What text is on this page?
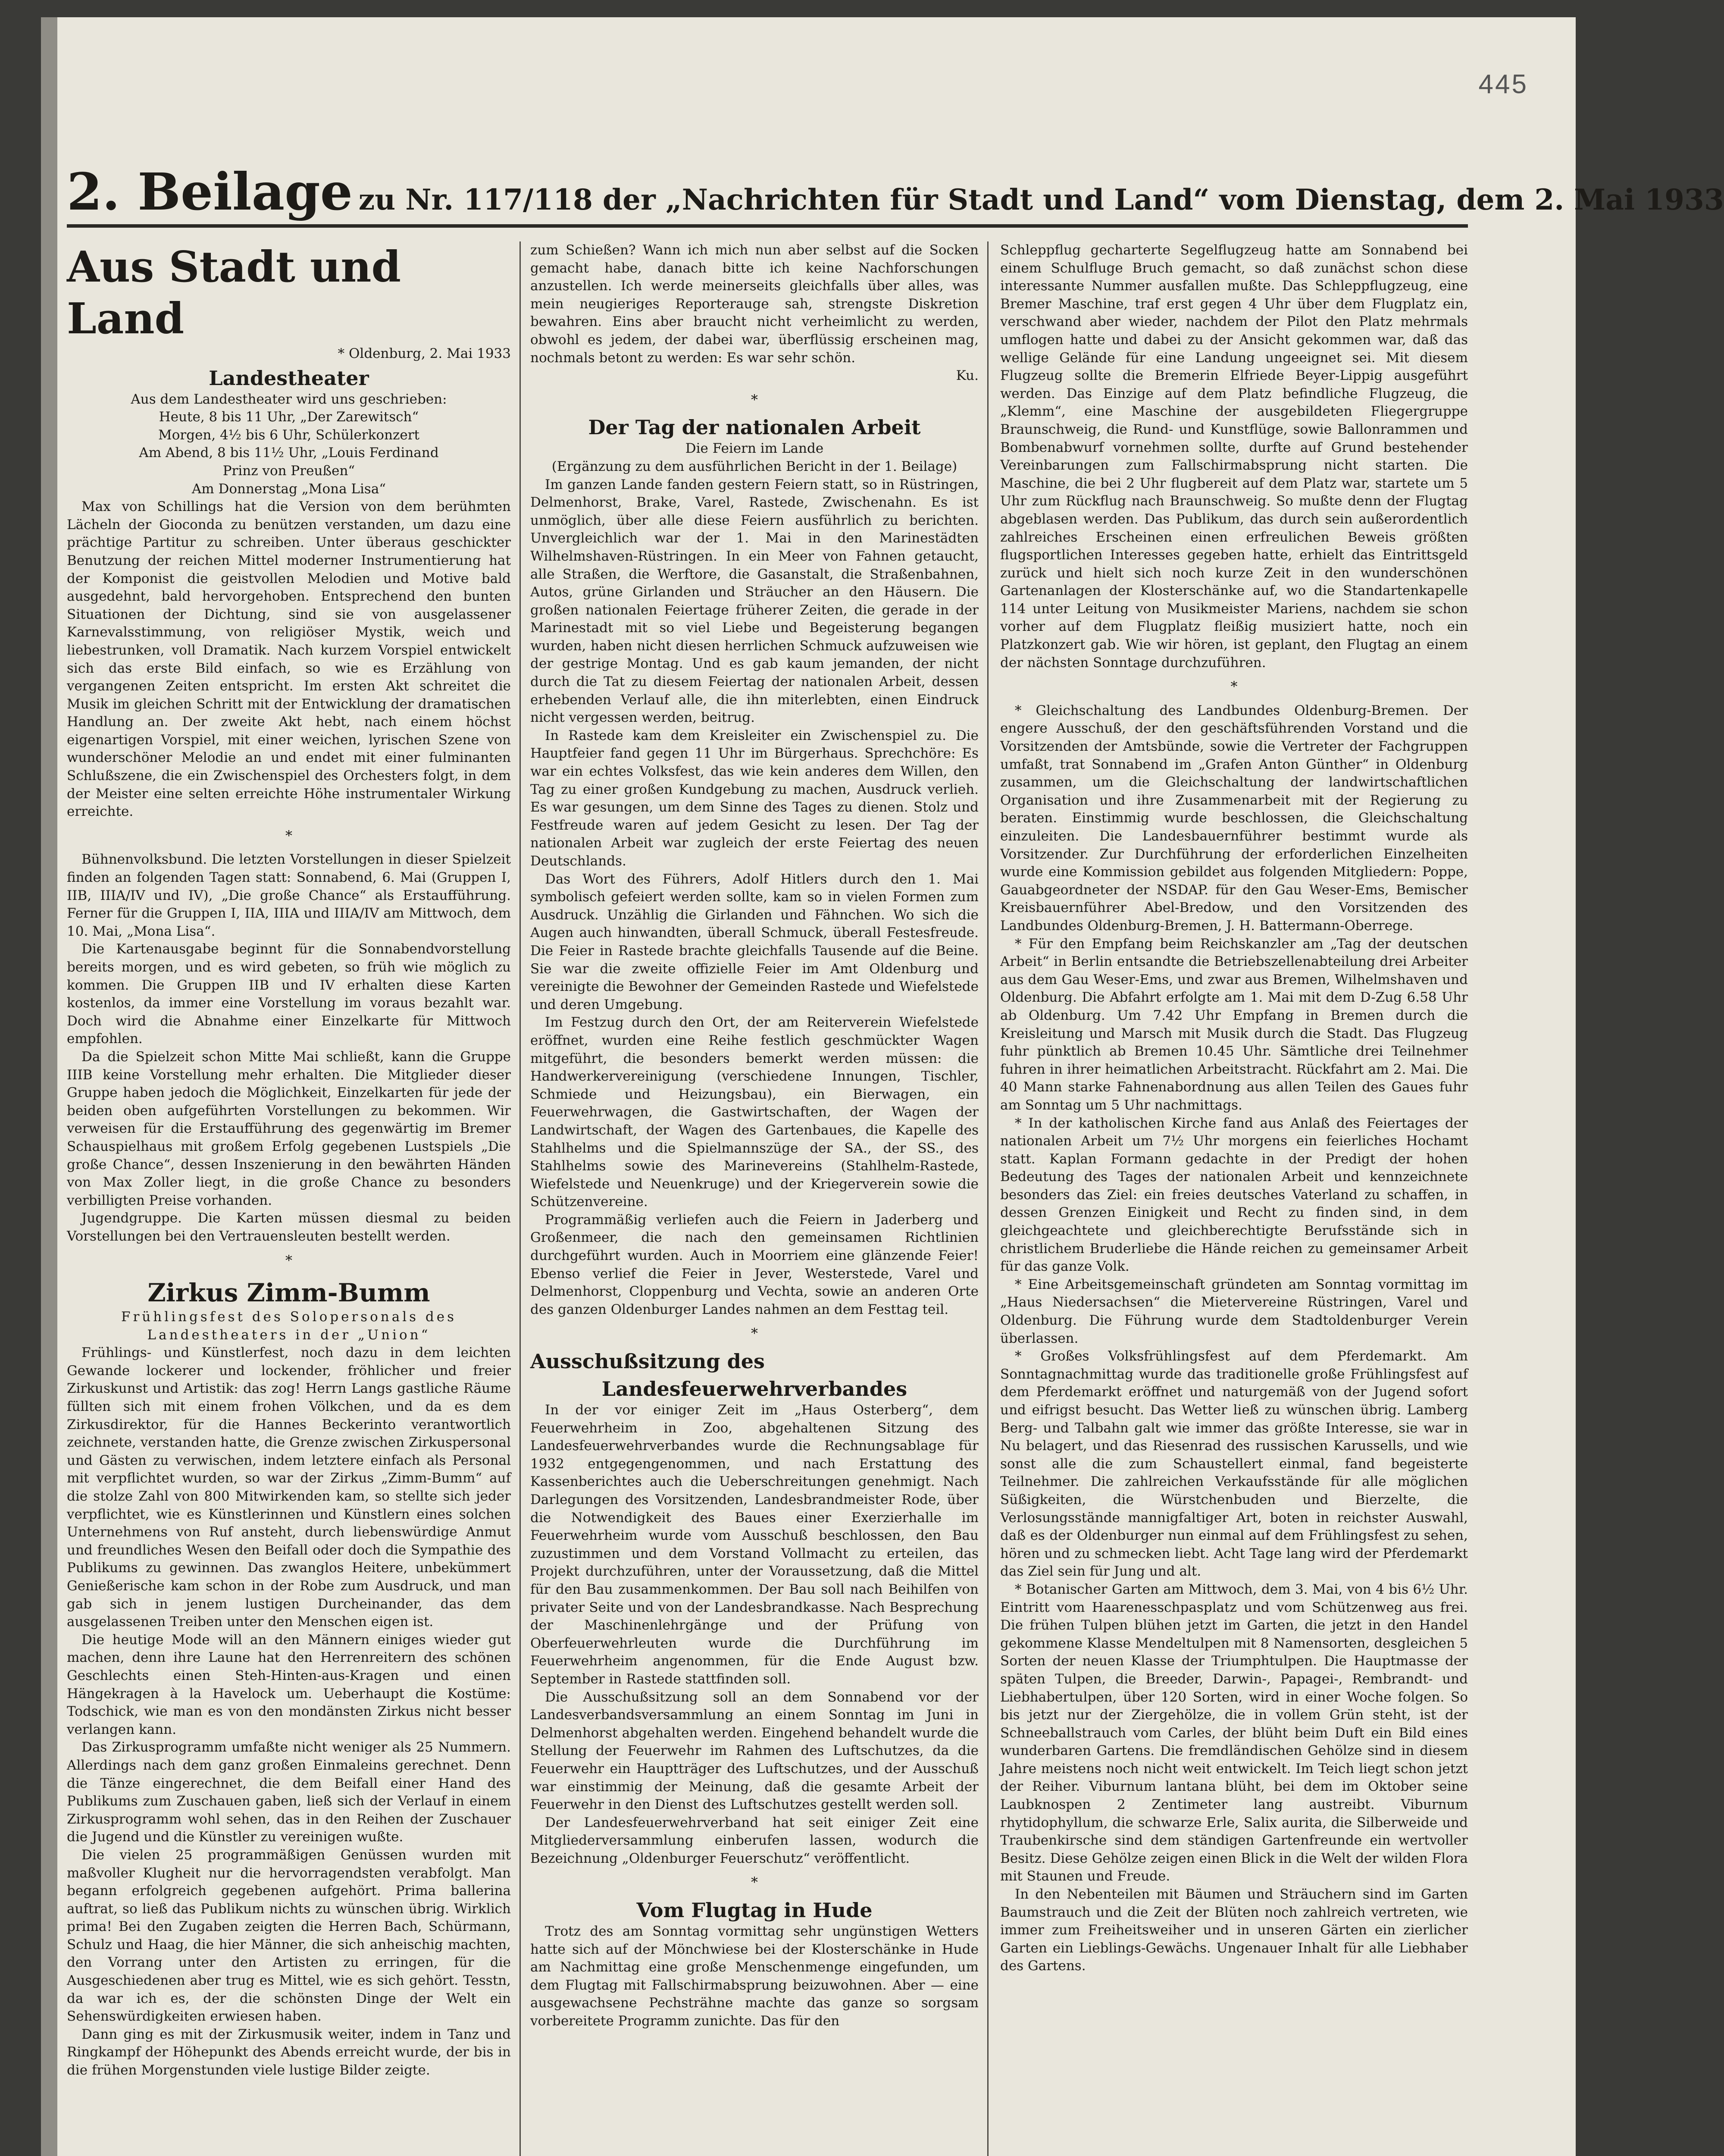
445
2. Beilage zu Nr. 117/118 der „Nachrichten für Stadt und Land“ vom Dienstag, dem 2. Mai 1933

Aus Stadt und Land

* Oldenburg, 2. Mai 1933

Landestheater

Aus dem Landestheater wird uns geschrieben:

Heute, 8 bis 11 Uhr, „Der Zarewitsch“

Morgen, 4½ bis 6 Uhr, Schülerkonzert

Am Abend, 8 bis 11½ Uhr, „Louis Ferdinand

Prinz von Preußen“

Am Donnerstag „Mona Lisa“

Max von Schillings hat die Version von dem berühmten Lächeln der Gioconda zu benützen verstanden, um dazu eine prächtige Partitur zu schreiben. Unter überaus geschickter Benutzung der reichen Mittel moderner Instrumentierung hat der Komponist die geistvollen Melodien und Motive bald ausgedehnt, bald hervorgehoben. Entsprechend den bunten Situationen der Dichtung, sind sie von ausgelassener Karnevalsstimmung, von religiöser Mystik, weich und liebestrunken, voll Dramatik. Nach kurzem Vorspiel entwickelt sich das erste Bild einfach, so wie es Erzählung von vergangenen Zeiten entspricht. Im ersten Akt schreitet die Musik im gleichen Schritt mit der Entwicklung der dramatischen Handlung an. Der zweite Akt hebt, nach einem höchst eigenartigen Vorspiel, mit einer weichen, lyrischen Szene von wunderschöner Melodie an und endet mit einer fulminanten Schlußszene, die ein Zwischenspiel des Orchesters folgt, in dem der Meister eine selten erreichte Höhe instrumentaler Wirkung erreichte.

*

Bühnenvolksbund. Die letzten Vorstellungen in dieser Spielzeit finden an folgenden Tagen statt: Sonnabend, 6. Mai (Gruppen I, IIB, IIIA/IV und IV), „Die große Chance“ als Erstaufführung. Ferner für die Gruppen I, IIA, IIIA und IIIA/IV am Mittwoch, dem 10. Mai, „Mona Lisa“.

Die Kartenausgabe beginnt für die Sonnabendvorstellung bereits morgen, und es wird gebeten, so früh wie möglich zu kommen. Die Gruppen IIB und IV erhalten diese Karten kostenlos, da immer eine Vorstellung im voraus bezahlt war. Doch wird die Abnahme einer Einzelkarte für Mittwoch empfohlen.

Da die Spielzeit schon Mitte Mai schließt, kann die Gruppe IIIB keine Vorstellung mehr erhalten. Die Mitglieder dieser Gruppe haben jedoch die Möglichkeit, Einzelkarten für jede der beiden oben aufgeführten Vorstellungen zu bekommen. Wir verweisen für die Erstaufführung des gegenwärtig im Bremer Schauspielhaus mit großem Erfolg gegebenen Lustspiels „Die große Chance“, dessen Inszenierung in den bewährten Händen von Max Zoller liegt, in die große Chance zu besonders verbilligten Preise vorhanden.

Jugendgruppe. Die Karten müssen diesmal zu beiden Vorstellungen bei den Vertrauensleuten bestellt werden.

*

Zirkus Zimm-Bumm

Frühlingsfest des Solopersonals des Landestheaters in der „Union“

Frühlings- und Künstlerfest, noch dazu in dem leichten Gewande lockerer und lockender, fröhlicher und freier Zirkuskunst und Artistik: das zog! Herrn Langs gastliche Räume füllten sich mit einem frohen Völkchen, und da es dem Zirkusdirektor, für die Hannes Beckerinto verantwortlich zeichnete, verstanden hatte, die Grenze zwischen Zirkuspersonal und Gästen zu verwischen, indem letztere einfach als Personal mit verpflichtet wurden, so war der Zirkus „Zimm-Bumm“ auf die stolze Zahl von 800 Mitwirkenden kam, so stellte sich jeder verpflichtet, wie es Künstlerinnen und Künstlern eines solchen Unternehmens von Ruf ansteht, durch liebenswürdige Anmut und freundliches Wesen den Beifall oder doch die Sympathie des Publikums zu gewinnen. Das zwanglos Heitere, unbekümmert Genießerische kam schon in der Robe zum Ausdruck, und man gab sich in jenem lustigen Durcheinander, das dem ausgelassenen Treiben unter den Menschen eigen ist.

Die heutige Mode will an den Männern einiges wieder gut machen, denn ihre Laune hat den Herrenreitern des schönen Geschlechts einen Steh-Hinten-aus-Kragen und einen Hängekragen à la Havelock um. Ueberhaupt die Kostüme: Todschick, wie man es von den mondänsten Zirkus nicht besser verlangen kann.

Das Zirkusprogramm umfaßte nicht weniger als 25 Nummern. Allerdings nach dem ganz großen Einmaleins gerechnet. Denn die Tänze eingerechnet, die dem Beifall einer Hand des Publikums zum Zuschauen gaben, ließ sich der Verlauf in einem Zirkusprogramm wohl sehen, das in den Reihen der Zuschauer die Jugend und die Künstler zu vereinigen wußte.

Die vielen 25 programmäßigen Genüssen wurden mit maßvoller Klugheit nur die hervorragendsten verabfolgt. Man begann erfolgreich gegebenen aufgehört. Prima ballerina auftrat, so ließ das Publikum nichts zu wünschen übrig. Wirklich prima! Bei den Zugaben zeigten die Herren Bach, Schürmann, Schulz und Haag, die hier Männer, die sich anheischig machten, den Vorrang unter den Artisten zu erringen, für die Ausgeschiedenen aber trug es Mittel, wie es sich gehört. Tesstn, da war ich es, der die schönsten Dinge der Welt ein Sehenswürdigkeiten erwiesen haben.

Dann ging es mit der Zirkusmusik weiter, indem in Tanz und Ringkampf der Höhepunkt des Abends erreicht wurde, der bis in die frühen Morgenstunden viele lustige Bilder zeigte.

zum Schießen? Wann ich mich nun aber selbst auf die Socken gemacht habe, danach bitte ich keine Nachforschungen anzustellen. Ich werde meinerseits gleichfalls über alles, was mein neugieriges Reporterauge sah, strengste Diskretion bewahren. Eins aber braucht nicht verheimlicht zu werden, obwohl es jedem, der dabei war, überflüssig erscheinen mag, nochmals betont zu werden: Es war sehr schön.

Ku.

*

Der Tag der nationalen Arbeit

Die Feiern im Lande

(Ergänzung zu dem ausführlichen Bericht in der 1. Beilage)

Im ganzen Lande fanden gestern Feiern statt, so in Rüstringen, Delmenhorst, Brake, Varel, Rastede, Zwischenahn. Es ist unmöglich, über alle diese Feiern ausführlich zu berichten. Unvergleichlich war der 1. Mai in den Marinestädten Wilhelmshaven-Rüstringen. In ein Meer von Fahnen getaucht, alle Straßen, die Werftore, die Gasanstalt, die Straßenbahnen, Autos, grüne Girlanden und Sträucher an den Häusern. Die großen nationalen Feiertage früherer Zeiten, die gerade in der Marinestadt mit so viel Liebe und Begeisterung begangen wurden, haben nicht diesen herrlichen Schmuck aufzuweisen wie der gestrige Montag. Und es gab kaum jemanden, der nicht durch die Tat zu diesem Feiertag der nationalen Arbeit, dessen erhebenden Verlauf alle, die ihn miterlebten, einen Eindruck nicht vergessen werden, beitrug.

In Rastede kam dem Kreisleiter ein Zwischenspiel zu. Die Hauptfeier fand gegen 11 Uhr im Bürgerhaus. Sprechchöre: Es war ein echtes Volksfest, das wie kein anderes dem Willen, den Tag zu einer großen Kundgebung zu machen, Ausdruck verlieh. Es war gesungen, um dem Sinne des Tages zu dienen. Stolz und Festfreude waren auf jedem Gesicht zu lesen. Der Tag der nationalen Arbeit war zugleich der erste Feiertag des neuen Deutschlands.

Das Wort des Führers, Adolf Hitlers durch den 1. Mai symbolisch gefeiert werden sollte, kam so in vielen Formen zum Ausdruck. Unzählig die Girlanden und Fähnchen. Wo sich die Augen auch hinwandten, überall Schmuck, überall Festesfreude. Die Feier in Rastede brachte gleichfalls Tausende auf die Beine. Sie war die zweite offizielle Feier im Amt Oldenburg und vereinigte die Bewohner der Gemeinden Rastede und Wiefelstede und deren Umgebung.

Im Festzug durch den Ort, der am Reiterverein Wiefelstede eröffnet, wurden eine Reihe festlich geschmückter Wagen mitgeführt, die besonders bemerkt werden müssen: die Handwerkervereinigung (verschiedene Innungen, Tischler, Schmiede und Heizungsbau), ein Bierwagen, ein Feuerwehrwagen, die Gastwirtschaften, der Wagen der Landwirtschaft, der Wagen des Gartenbaues, die Kapelle des Stahlhelms und die Spielmannszüge der SA., der SS., des Stahlhelms sowie des Marinevereins (Stahlhelm-Rastede, Wiefelstede und Neuenkruge) und der Kriegerverein sowie die Schützenvereine.

Programmäßig verliefen auch die Feiern in Jaderberg und Großenmeer, die nach den gemeinsamen Richtlinien durchgeführt wurden. Auch in Moorriem eine glänzende Feier! Ebenso verlief die Feier in Jever, Westerstede, Varel und Delmenhorst, Cloppenburg und Vechta, sowie an anderen Orte des ganzen Oldenburger Landes nahmen an dem Festtag teil.

*

Ausschußsitzung des

Landesfeuerwehrverbandes

In der vor einiger Zeit im „Haus Osterberg“, dem Feuerwehrheim in Zoo, abgehaltenen Sitzung des Landesfeuerwehrverbandes wurde die Rechnungsablage für 1932 entgegengenommen, und nach Erstattung des Kassenberichtes auch die Ueberschreitungen genehmigt. Nach Darlegungen des Vorsitzenden, Landesbrandmeister Rode, über die Notwendigkeit des Baues einer Exerzierhalle im Feuerwehrheim wurde vom Ausschuß beschlossen, den Bau zuzustimmen und dem Vorstand Vollmacht zu erteilen, das Projekt durchzuführen, unter der Voraussetzung, daß die Mittel für den Bau zusammenkommen. Der Bau soll nach Beihilfen von privater Seite und von der Landesbrandkasse. Nach Besprechung der Maschinenlehrgänge und der Prüfung von Oberfeuerwehrleuten wurde die Durchführung im Feuerwehrheim angenommen, für die Ende August bzw. September in Rastede stattfinden soll.

Die Ausschußsitzung soll an dem Sonnabend vor der Landesverbandsversammlung an einem Sonntag im Juni in Delmenhorst abgehalten werden. Eingehend behandelt wurde die Stellung der Feuerwehr im Rahmen des Luftschutzes, da die Feuerwehr ein Hauptträger des Luftschutzes, und der Ausschuß war einstimmig der Meinung, daß die gesamte Arbeit der Feuerwehr in den Dienst des Luftschutzes gestellt werden soll.

Der Landesfeuerwehrverband hat seit einiger Zeit eine Mitgliederversammlung einberufen lassen, wodurch die Bezeichnung „Oldenburger Feuerschutz“ veröffentlicht.

*

Vom Flugtag in Hude

Trotz des am Sonntag vormittag sehr ungünstigen Wetters hatte sich auf der Mönchwiese bei der Klosterschänke in Hude am Nachmittag eine große Menschenmenge eingefunden, um dem Flugtag mit Fallschirmabsprung beizuwohnen. Aber — eine ausgewachsene Pechsträhne machte das ganze so sorgsam vorbereitete Programm zunichte. Das für den

Schleppflug gecharterte Segelflugzeug hatte am Sonnabend bei einem Schulfluge Bruch gemacht, so daß zunächst schon diese interessante Nummer ausfallen mußte. Das Schleppflugzeug, eine Bremer Maschine, traf erst gegen 4 Uhr über dem Flugplatz ein, verschwand aber wieder, nachdem der Pilot den Platz mehrmals umflogen hatte und dabei zu der Ansicht gekommen war, daß das wellige Gelände für eine Landung ungeeignet sei. Mit diesem Flugzeug sollte die Bremerin Elfriede Beyer-Lippig ausgeführt werden. Das Einzige auf dem Platz befindliche Flugzeug, die „Klemm“, eine Maschine der ausgebildeten Fliegergruppe Braunschweig, die Rund- und Kunstflüge, sowie Ballonrammen und Bombenabwurf vornehmen sollte, durfte auf Grund bestehender Vereinbarungen zum Fallschirmabsprung nicht starten. Die Maschine, die bei 2 Uhr flugbereit auf dem Platz war, startete um 5 Uhr zum Rückflug nach Braunschweig. So mußte denn der Flugtag abgeblasen werden. Das Publikum, das durch sein außerordentlich zahlreiches Erscheinen einen erfreulichen Beweis größten flugsportlichen Interesses gegeben hatte, erhielt das Eintrittsgeld zurück und hielt sich noch kurze Zeit in den wunderschönen Gartenanlagen der Klosterschänke auf, wo die Standartenkapelle 114 unter Leitung von Musikmeister Mariens, nachdem sie schon vorher auf dem Flugplatz fleißig musiziert hatte, noch ein Platzkonzert gab. Wie wir hören, ist geplant, den Flugtag an einem der nächsten Sonntage durchzuführen.

*

* Gleichschaltung des Landbundes Oldenburg-Bremen. Der engere Ausschuß, der den geschäftsführenden Vorstand und die Vorsitzenden der Amtsbünde, sowie die Vertreter der Fachgruppen umfaßt, trat Sonnabend im „Grafen Anton Günther“ in Oldenburg zusammen, um die Gleichschaltung der landwirtschaftlichen Organisation und ihre Zusammenarbeit mit der Regierung zu beraten. Einstimmig wurde beschlossen, die Gleichschaltung einzuleiten. Die Landesbauernführer bestimmt wurde als Vorsitzender. Zur Durchführung der erforderlichen Einzelheiten wurde eine Kommission gebildet aus folgenden Mitgliedern: Poppe, Gauabgeordneter der NSDAP. für den Gau Weser-Ems, Bemischer Kreisbauernführer Abel-Bredow, und den Vorsitzenden des Landbundes Oldenburg-Bremen, J. H. Battermann-Oberrege.

* Für den Empfang beim Reichskanzler am „Tag der deutschen Arbeit“ in Berlin entsandte die Betriebszellenabteilung drei Arbeiter aus dem Gau Weser-Ems, und zwar aus Bremen, Wilhelmshaven und Oldenburg. Die Abfahrt erfolgte am 1. Mai mit dem D-Zug 6.58 Uhr ab Oldenburg. Um 7.42 Uhr Empfang in Bremen durch die Kreisleitung und Marsch mit Musik durch die Stadt. Das Flugzeug fuhr pünktlich ab Bremen 10.45 Uhr. Sämtliche drei Teilnehmer fuhren in ihrer heimatlichen Arbeitstracht. Rückfahrt am 2. Mai. Die 40 Mann starke Fahnenabordnung aus allen Teilen des Gaues fuhr am Sonntag um 5 Uhr nachmittags.

* In der katholischen Kirche fand aus Anlaß des Feiertages der nationalen Arbeit um 7½ Uhr morgens ein feierliches Hochamt statt. Kaplan Formann gedachte in der Predigt der hohen Bedeutung des Tages der nationalen Arbeit und kennzeichnete besonders das Ziel: ein freies deutsches Vaterland zu schaffen, in dessen Grenzen Einigkeit und Recht zu finden sind, in dem gleichgeachtete und gleichberechtigte Berufsstände sich in christlichem Bruderliebe die Hände reichen zu gemeinsamer Arbeit für das ganze Volk.

* Eine Arbeitsgemeinschaft gründeten am Sonntag vormittag im „Haus Niedersachsen“ die Mietervereine Rüstringen, Varel und Oldenburg. Die Führung wurde dem Stadtoldenburger Verein überlassen.

* Großes Volksfrühlingsfest auf dem Pferdemarkt. Am Sonntagnachmittag wurde das traditionelle große Frühlingsfest auf dem Pferdemarkt eröffnet und naturgemäß von der Jugend sofort und eifrigst besucht. Das Wetter ließ zu wünschen übrig. Lamberg Berg- und Talbahn galt wie immer das größte Interesse, sie war in Nu belagert, und das Riesenrad des russischen Karussells, und wie sonst alle die zum Schaustellert einmal, fand begeisterte Teilnehmer. Die zahlreichen Verkaufsstände für alle möglichen Süßigkeiten, die Würstchenbuden und Bierzelte, die Verlosungsstände mannigfaltiger Art, boten in reichster Auswahl, daß es der Oldenburger nun einmal auf dem Frühlingsfest zu sehen, hören und zu schmecken liebt. Acht Tage lang wird der Pferdemarkt das Ziel sein für Jung und alt.

* Botanischer Garten am Mittwoch, dem 3. Mai, von 4 bis 6½ Uhr. Eintritt vom Haarenesschpasplatz und vom Schützenweg aus frei. Die frühen Tulpen blühen jetzt im Garten, die jetzt in den Handel gekommene Klasse Mendeltulpen mit 8 Namensorten, desgleichen 5 Sorten der neuen Klasse der Triumphtulpen. Die Hauptmasse der späten Tulpen, die Breeder, Darwin-, Papagei-, Rembrandt- und Liebhabertulpen, über 120 Sorten, wird in einer Woche folgen. So bis jetzt nur der Ziergehölze, die in vollem Grün steht, ist der Schneeballstrauch vom Carles, der blüht beim Duft ein Bild eines wunderbaren Gartens. Die fremdländischen Gehölze sind in diesem Jahre meistens noch nicht weit entwickelt. Im Teich liegt schon jetzt der Reiher. Viburnum lantana blüht, bei dem im Oktober seine Laubknospen 2 Zentimeter lang austreibt. Viburnum rhytidophyllum, die schwarze Erle, Salix aurita, die Silberweide und Traubenkirsche sind dem ständigen Gartenfreunde ein wertvoller Besitz. Diese Gehölze zeigen einen Blick in die Welt der wilden Flora mit Staunen und Freude.

In den Nebenteilen mit Bäumen und Sträuchern sind im Garten Baumstrauch und die Zeit der Blüten noch zahlreich vertreten, wie immer zum Freiheitsweiher und in unseren Gärten ein zierlicher Garten ein Lieblings-Gewächs. Ungenauer Inhalt für alle Liebhaber des Gartens.
